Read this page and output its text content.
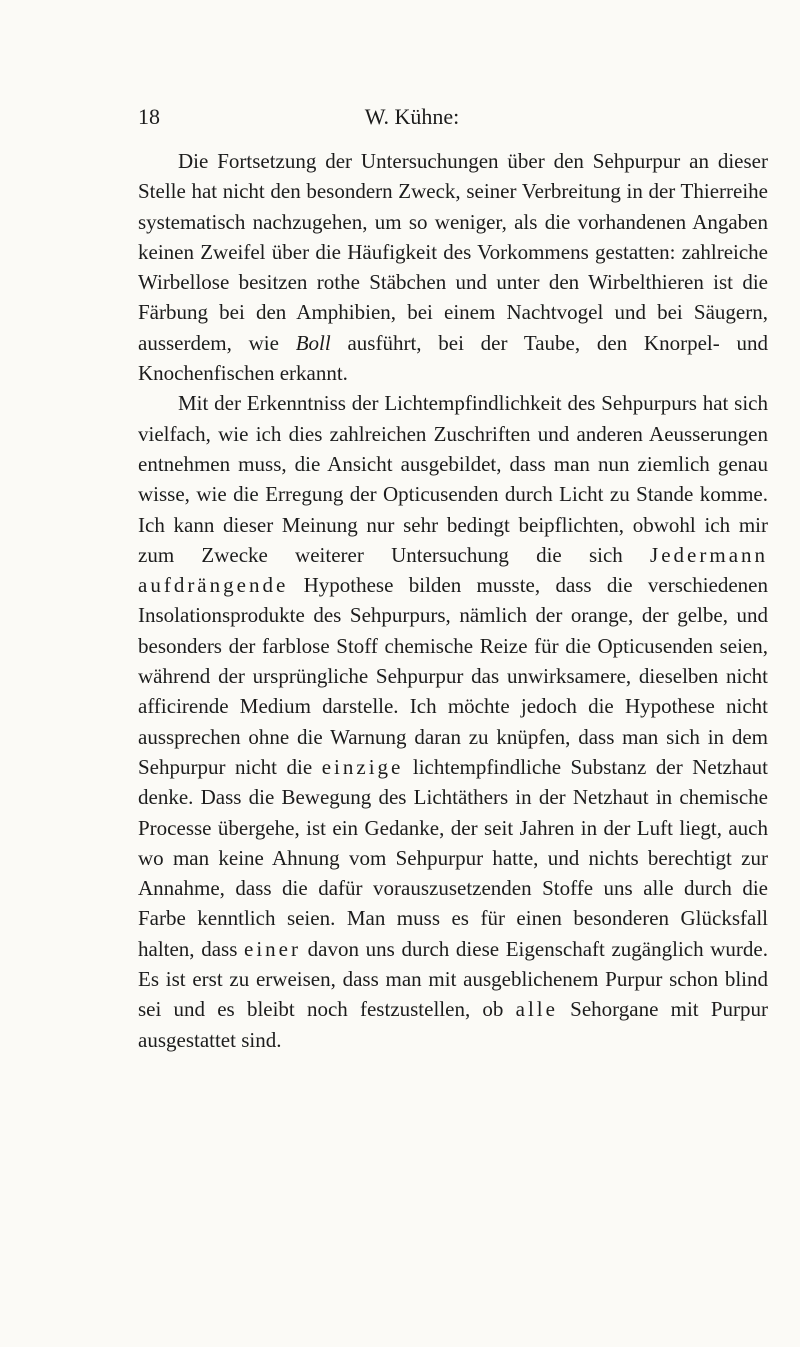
18	W. Kühne:

Die Fortsetzung der Untersuchungen über den Sehpurpur an dieser Stelle hat nicht den besondern Zweck, seiner Verbreitung in der Thierreihe systematisch nachzugehen, um so weniger, als die vorhandenen Angaben keinen Zweifel über die Häufigkeit des Vorkommens gestatten: zahlreiche Wirbellose besitzen rothe Stäbchen und unter den Wirbelthieren ist die Färbung bei den Amphibien, bei einem Nachtvogel und bei Säugern, ausserdem, wie Boll ausführt, bei der Taube, den Knorpel- und Knochenfischen erkannt.

Mit der Erkenntniss der Lichtempfindlichkeit des Sehpurpurs hat sich vielfach, wie ich dies zahlreichen Zuschriften und anderen Aeusserungen entnehmen muss, die Ansicht ausgebildet, dass man nun ziemlich genau wisse, wie die Erregung der Opticusenden durch Licht zu Stande komme. Ich kann dieser Meinung nur sehr bedingt beipflichten, obwohl ich mir zum Zwecke weiterer Untersuchung die sich Jedermann aufdrängende Hypothese bilden musste, dass die verschiedenen Insolationsprodukte des Sehpurpurs, nämlich der orange, der gelbe, und besonders der farblose Stoff chemische Reize für die Opticusenden seien, während der ursprüngliche Sehpurpur das unwirksamere, dieselben nicht afficirende Medium darstelle. Ich möchte jedoch die Hypothese nicht aussprechen ohne die Warnung daran zu knüpfen, dass man sich in dem Sehpurpur nicht die einzige lichtempfindliche Substanz der Netzhaut denke. Dass die Bewegung des Lichtäthers in der Netzhaut in chemische Processe übergehe, ist ein Gedanke, der seit Jahren in der Luft liegt, auch wo man keine Ahnung vom Sehpurpur hatte, und nichts berechtigt zur Annahme, dass die dafür vorauszusetzenden Stoffe uns alle durch die Farbe kenntlich seien. Man muss es für einen besonderen Glücksfall halten, dass einer davon uns durch diese Eigenschaft zugänglich wurde. Es ist erst zu erweisen, dass man mit ausgeblichenem Purpur schon blind sei und es bleibt noch festzustellen, ob alle Sehorgane mit Purpur ausgestattet sind.
